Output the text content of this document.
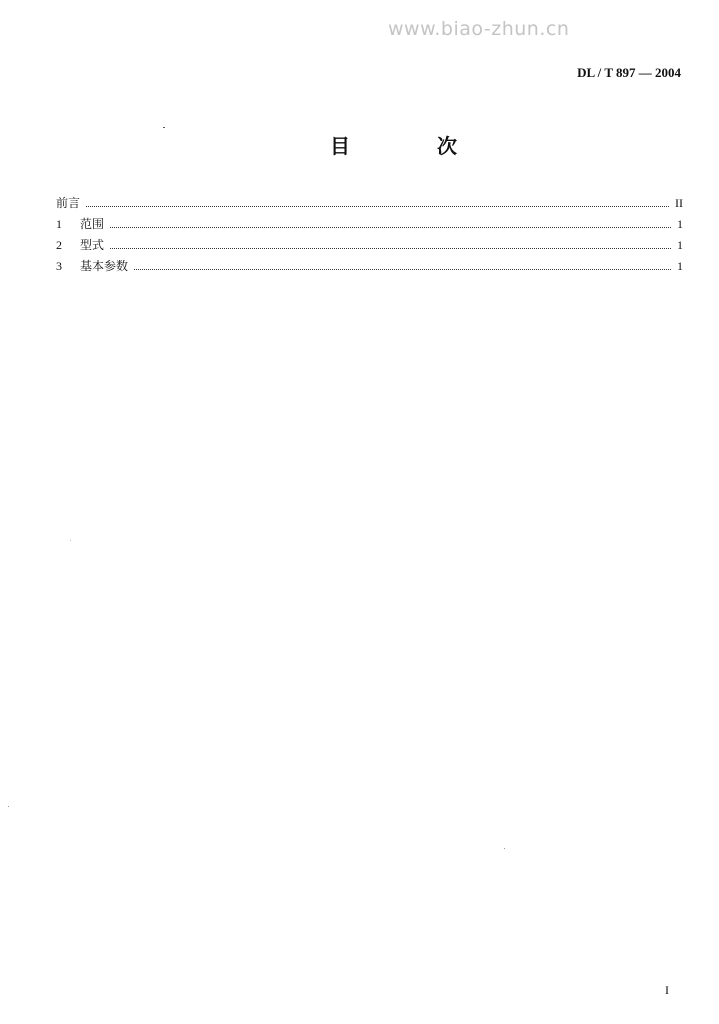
www.biao-zhun.cn
DL / T 897 — 2004
目 次
前言	II
1	范围	1
2	型式	1
3	基本参数	1
I
